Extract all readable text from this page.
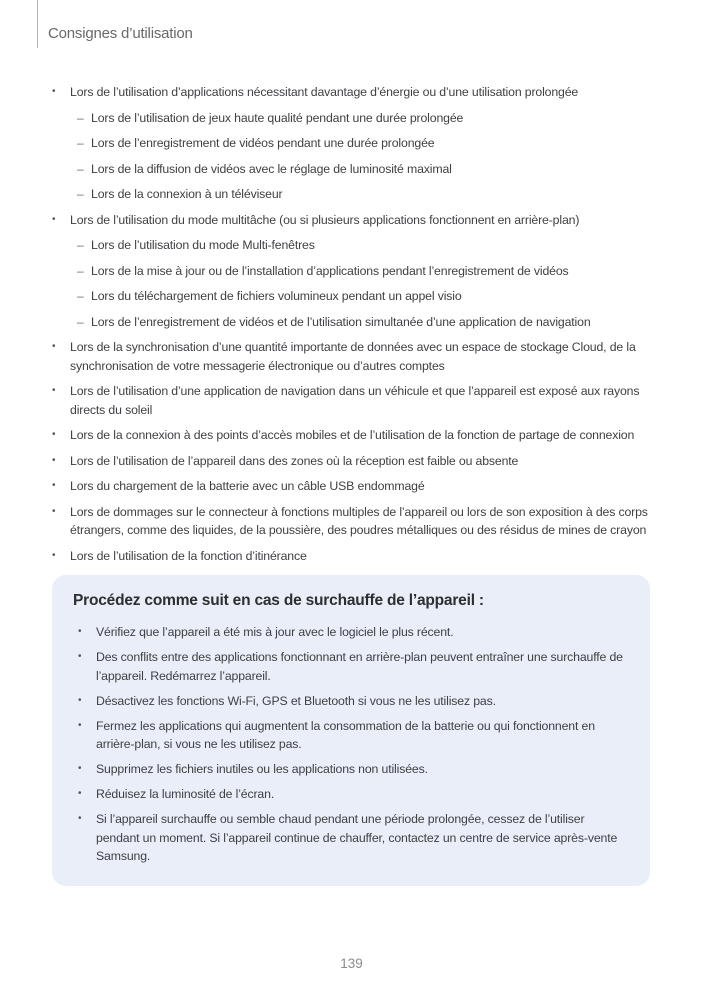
Consignes d’utilisation
•	Lors de l’utilisation d’applications nécessitant davantage d’énergie ou d’une utilisation prolongée
– Lors de l’utilisation de jeux haute qualité pendant une durée prolongée
– Lors de l’enregistrement de vidéos pendant une durée prolongée
– Lors de la diffusion de vidéos avec le réglage de luminosité maximal
– Lors de la connexion à un téléviseur
•	Lors de l’utilisation du mode multitâche (ou si plusieurs applications fonctionnent en arrière-plan)
– Lors de l’utilisation du mode Multi-fenêtres
– Lors de la mise à jour ou de l’installation d’applications pendant l’enregistrement de vidéos
– Lors du téléchargement de fichiers volumineux pendant un appel visio
– Lors de l’enregistrement de vidéos et de l’utilisation simultanée d’une application de navigation
•	Lors de la synchronisation d’une quantité importante de données avec un espace de stockage Cloud, de la synchronisation de votre messagerie électronique ou d’autres comptes
•	Lors de l’utilisation d’une application de navigation dans un véhicule et que l’appareil est exposé aux rayons directs du soleil
•	Lors de la connexion à des points d’accès mobiles et de l’utilisation de la fonction de partage de connexion
•	Lors de l’utilisation de l’appareil dans des zones où la réception est faible ou absente
•	Lors du chargement de la batterie avec un câble USB endommagé
•	Lors de dommages sur le connecteur à fonctions multiples de l’appareil ou lors de son exposition à des corps étrangers, comme des liquides, de la poussière, des poudres métalliques ou des résidus de mines de crayon
•	Lors de l’utilisation de la fonction d’itinérance
Procédez comme suit en cas de surchauffe de l’appareil :
•	Vérifiez que l’appareil a été mis à jour avec le logiciel le plus récent.
•	Des conflits entre des applications fonctionnant en arrière-plan peuvent entraîner une surchauffe de l’appareil. Redémarrez l’appareil.
•	Désactivez les fonctions Wi-Fi, GPS et Bluetooth si vous ne les utilisez pas.
•	Fermez les applications qui augmentent la consommation de la batterie ou qui fonctionnent en arrière-plan, si vous ne les utilisez pas.
•	Supprimez les fichiers inutiles ou les applications non utilisées.
•	Réduisez la luminosité de l’écran.
•	Si l’appareil surchauffe ou semble chaud pendant une période prolongée, cessez de l’utiliser pendant un moment. Si l’appareil continue de chauffer, contactez un centre de service après-vente Samsung.
139
